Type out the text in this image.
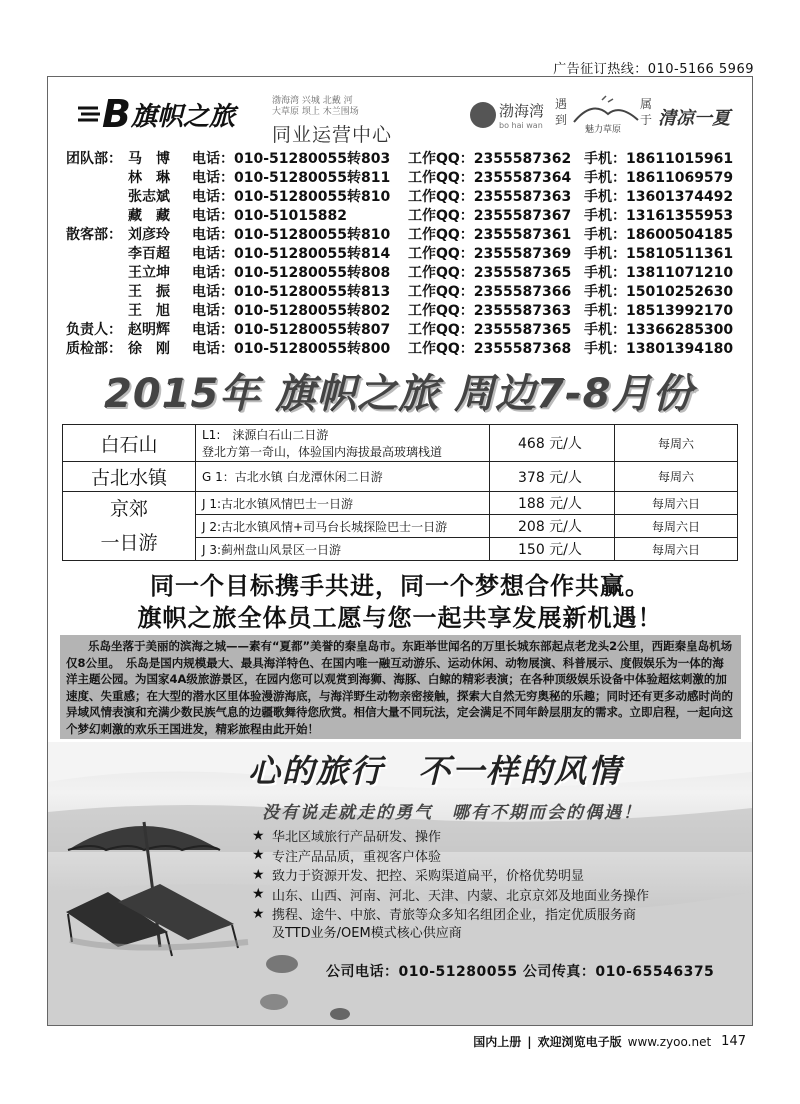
广告征订热线：010-5166 5969
B 旗帜之旅
渤海湾 兴城 北戴 河
大草原 坝上 木兰围场
同业运营中心
渤海湾
bo hai wan
遇
到
魅力草原
属
于 清凉一夏
团队部： 马　博 电话：010-51280055转803 工作QQ：2355587362 手机：18611015961
林　琳 电话：010-51280055转811 工作QQ：2355587364 手机：18611069579
张志斌 电话：010-51280055转810 工作QQ：2355587363 手机：13601374492
藏　藏 电话：010-51015882	工作QQ：2355587367 手机：13161355953
散客部： 刘彦玲 电话：010-51280055转810 工作QQ：2355587361 手机：18600504185
李百超 电话：010-51280055转814 工作QQ：2355587369 手机：15810511361
王立坤 电话：010-51280055转808 工作QQ：2355587365 手机：13811071210
王　振 电话：010-51280055转813 工作QQ：2355587366 手机：15010252630
王　旭 电话：010-51280055转802 工作QQ：2355587363 手机：18513992170
负责人： 赵明辉 电话：010-51280055转807 工作QQ：2355587365 手机：13366285300
质检部： 徐　刚 电话：010-51280055转800 工作QQ：2355587368 手机：13801394180
2015年 旗帜之旅 周边7-8月份
白石山	L1:　涞源白石山二日游
登北方第一奇山，体验国内海拔最高玻璃栈道	468 元/人	每周六
古北水镇	G 1：古北水镇 白龙潭休闲二日游	378 元/人	每周六

京郊
一日游	J 1:古北水镇风情巴士一日游	188 元/人	每周六日
	J 2:古北水镇风情+司马台长城探险巴士一日游	208 元/人	每周六日
	J 3:蓟州盘山风景区一日游	150 元/人	每周六日
同一个目标携手共进，同一个梦想合作共赢。
旗帜之旅全体员工愿与您一起共享发展新机遇！
乐岛坐落于美丽的滨海之城——素有“夏都”美誉的秦皇岛市。东距举世闻名的万里长城东部起点老龙头2公里，西距秦皇岛机场仅8公里。　乐岛是国内规模最大、最具海洋特色、在国内唯一融互动游乐、运动休闲、动物展演、科普展示、度假娱乐为一体的海洋主题公园。为国家4A级旅游景区，在园内您可以观赏到海狮、海豚、白鲸的精彩表演；在各种顶级娱乐设备中体验超炫刺激的加速度、失重感；在大型的潜水区里体验漫游海底，与海洋野生动物亲密接触，探索大自然无穷奥秘的乐趣；同时还有更多动感时尚的异域风情表演和充满少数民族气息的边疆歌舞待您欣赏。相信大量不同玩法，定会满足不同年龄层朋友的需求。立即启程，一起向这个梦幻刺激的欢乐王国进发，精彩旅程由此开始！
心的旅行　不一样的风情
没有说走就走的勇气　哪有不期而会的偶遇！
★ 华北区域旅行产品研发、操作
★ 专注产品品质，重视客户体验
★ 致力于资源开发、把控、采购渠道扁平，价格优势明显
★ 山东、山西、河南、河北、天津、内蒙、北京京郊及地面业务操作
★ 携程、途牛、中旅、青旅等众多知名组团企业，指定优质服务商
及TTD业务/OEM模式核心供应商
公司电话：010-51280055 公司传真：010-65546375
国内上册 | 欢迎浏览电子版 www.zyoo.net 147
